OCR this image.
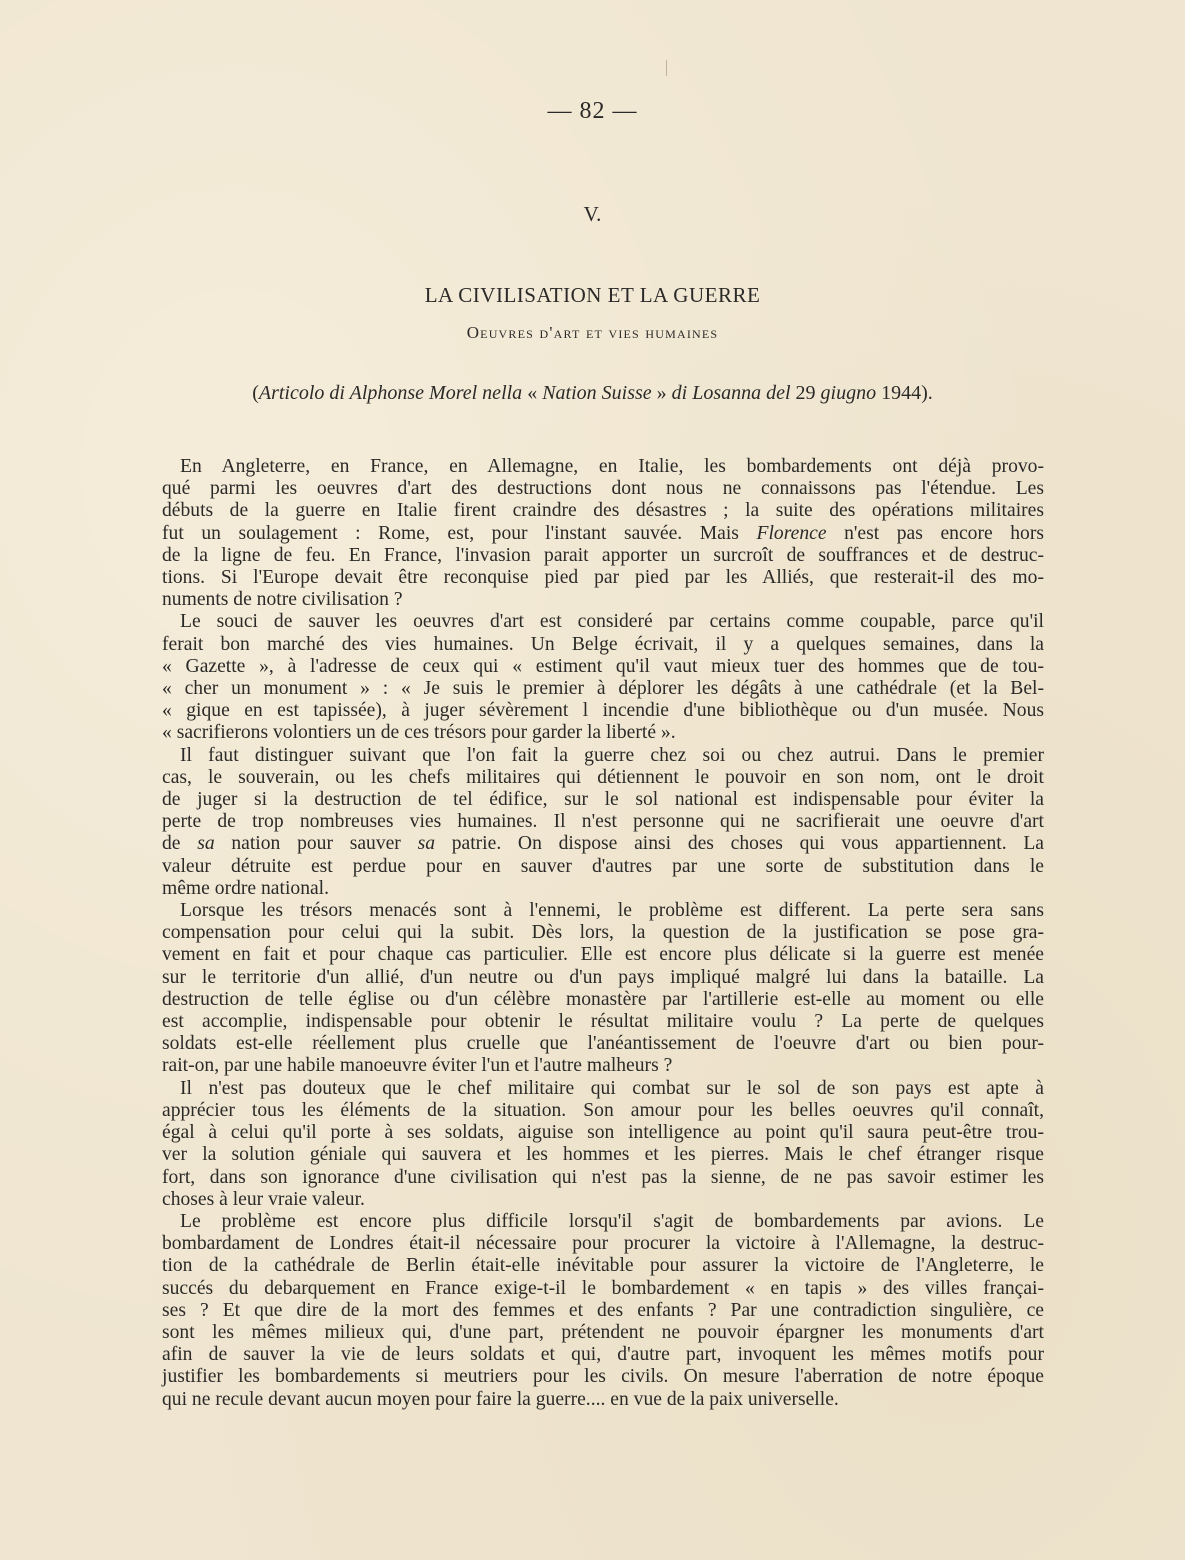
— 82 —
V.
LA CIVILISATION ET LA GUERRE
Oeuvres d'art et vies humaines
(Articolo di Alphonse Morel nella « Nation Suisse » di Losanna del 29 giugno 1944).

En Angleterre, en France, en Allemagne, en Italie, les bombardements ont déjà provo-
qué parmi les oeuvres d'art des destructions dont nous ne connaissons pas l'étendue. Les
débuts de la guerre en Italie firent craindre des désastres ; la suite des opérations militaires
fut un soulagement : Rome, est, pour l'instant sauvée. Mais Florence n'est pas encore hors
de la ligne de feu. En France, l'invasion parait apporter un surcroît de souffrances et de destruc-
tions. Si l'Europe devait être reconquise pied par pied par les Alliés, que resterait-il des mo-
numents de notre civilisation ?

Le souci de sauver les oeuvres d'art est consideré par certains comme coupable, parce qu'il
ferait bon marché des vies humaines. Un Belge écrivait, il y a quelques semaines, dans la
« Gazette », à l'adresse de ceux qui « estiment qu'il vaut mieux tuer des hommes que de tou-
« cher un monument » : « Je suis le premier à déplorer les dégâts à une cathédrale (et la Bel-
« gique en est tapissée), à juger sévèrement l incendie d'une bibliothèque ou d'un musée. Nous
« sacrifierons volontiers un de ces trésors pour garder la liberté ».

Il faut distinguer suivant que l'on fait la guerre chez soi ou chez autrui. Dans le premier
cas, le souverain, ou les chefs militaires qui détiennent le pouvoir en son nom, ont le droit
de juger si la destruction de tel édifice, sur le sol national est indispensable pour éviter la
perte de trop nombreuses vies humaines. Il n'est personne qui ne sacrifierait une oeuvre d'art
de sa nation pour sauver sa patrie. On dispose ainsi des choses qui vous appartiennent. La
valeur détruite est perdue pour en sauver d'autres par une sorte de substitution dans le
même ordre national.

Lorsque les trésors menacés sont à l'ennemi, le problème est different. La perte sera sans
compensation pour celui qui la subit. Dès lors, la question de la justification se pose gra-
vement en fait et pour chaque cas particulier. Elle est encore plus délicate si la guerre est menée
sur le territorie d'un allié, d'un neutre ou d'un pays impliqué malgré lui dans la bataille. La
destruction de telle église ou d'un célèbre monastère par l'artillerie est-elle au moment ou elle
est accomplie, indispensable pour obtenir le résultat militaire voulu ? La perte de quelques
soldats est-elle réellement plus cruelle que l'anéantissement de l'oeuvre d'art ou bien pour-
rait-on, par une habile manoeuvre éviter l'un et l'autre malheurs ?

Il n'est pas douteux que le chef militaire qui combat sur le sol de son pays est apte à
apprécier tous les éléments de la situation. Son amour pour les belles oeuvres qu'il connaît,
égal à celui qu'il porte à ses soldats, aiguise son intelligence au point qu'il saura peut-être trou-
ver la solution géniale qui sauvera et les hommes et les pierres. Mais le chef étranger risque
fort, dans son ignorance d'une civilisation qui n'est pas la sienne, de ne pas savoir estimer les
choses à leur vraie valeur.

Le problème est encore plus difficile lorsqu'il s'agit de bombardements par avions. Le
bombardament de Londres était-il nécessaire pour procurer la victoire à l'Allemagne, la destruc-
tion de la cathédrale de Berlin était-elle inévitable pour assurer la victoire de l'Angleterre, le
succés du debarquement en France exige-t-il le bombardement « en tapis » des villes françai-
ses ? Et que dire de la mort des femmes et des enfants ? Par une contradiction singulière, ce
sont les mêmes milieux qui, d'une part, prétendent ne pouvoir épargner les monuments d'art
afin de sauver la vie de leurs soldats et qui, d'autre part, invoquent les mêmes motifs pour
justifier les bombardements si meutriers pour les civils. On mesure l'aberration de notre époque
qui ne recule devant aucun moyen pour faire la guerre.... en vue de la paix universelle.
